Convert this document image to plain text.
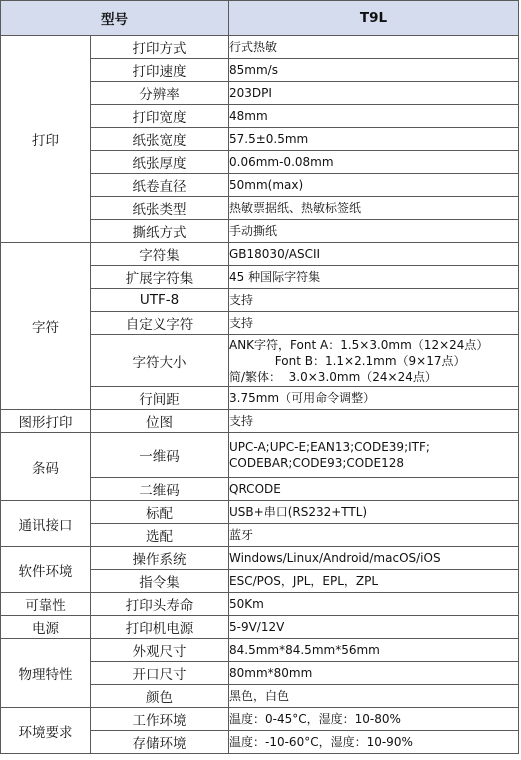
型号		T9L
打印	打印方式	行式热敏

	打印速度	85mm/s

	分辨率	203DPI

	打印宽度	48mm

	纸张宽度	57.5±0.5mm

	纸张厚度	0.06mm-0.08mm

	纸卷直径	50mm(max)

	纸张类型	热敏票据纸、热敏标签纸

	撕纸方式	手动撕纸

字符	字符集	GB18030/ASCII

	扩展字符集	45 种国际字符集

	UTF-8	支持

	自定义字符	支持

	字符大小	ANK字符，Font A：1.5×3.0mm（12×24点）
Font B：1.1×2.1mm（9×17点）
简/繁体：  3.0×3.0mm（24×24点）

	行间距	3.75mm（可用命令调整）

图形打印	位图	支持

条码	一维码	UPC-A;UPC-E;EAN13;CODE39;ITF;
CODEBAR;CODE93;CODE128

	二维码	QRCODE

通讯接口	标配	USB+串口(RS232+TTL)

	选配	蓝牙

软件环境	操作系统	Windows/Linux/Android/macOS/iOS

	指令集	ESC/POS，JPL，EPL，ZPL

可靠性	打印头寿命	50Km

电源	打印机电源	5-9V/12V

物理特性	外观尺寸	84.5mm*84.5mm*56mm

	开口尺寸	80mm*80mm

	颜色	黑色，白色

环境要求	工作环境	温度：0-45°C，湿度：10-80%

	存储环境	温度：-10-60°C，湿度：10-90%
